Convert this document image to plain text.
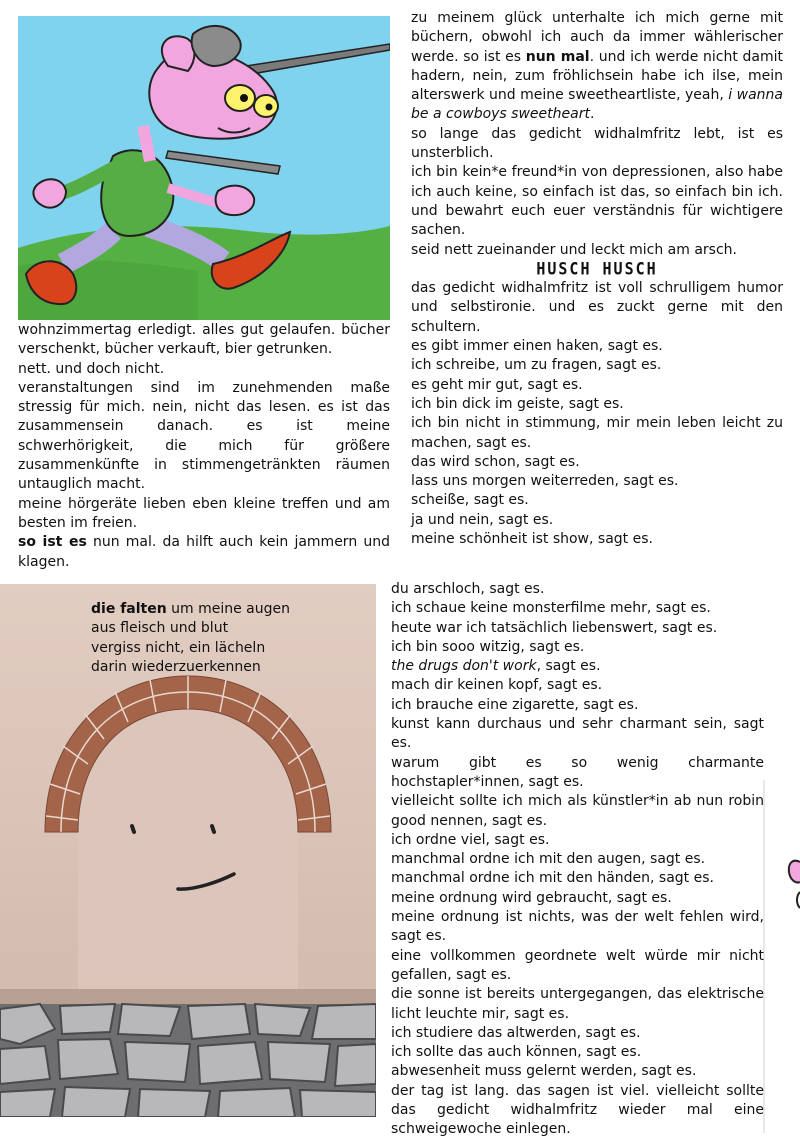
zu meinem glück unterhalte ich mich gerne mit büchern, obwohl ich auch da immer wählerischer werde. so ist es nun mal. und ich werde nicht damit hadern, nein, zum fröhlichsein habe ich ilse, mein alterswerk und meine sweetheartliste, yeah, i wanna be a cowboys sweetheart.

so lange das gedicht widhalmfritz lebt, ist es unsterblich.

ich bin kein*e freund*in von depressionen, also habe ich auch keine, so einfach ist das, so einfach bin ich. und bewahrt euch euer verständnis für wichtigere sachen.

seid nett zueinander und leckt mich am arsch.

HUSCH HUSCH

das gedicht widhalmfritz ist voll schrulligem humor und selbstironie. und es zuckt gerne mit den schultern.

es gibt immer einen haken, sagt es.

ich schreibe, um zu fragen, sagt es.

es geht mir gut, sagt es.

ich bin dick im geiste, sagt es.

ich bin nicht in stimmung, mir mein leben leicht zu machen, sagt es.

das wird schon, sagt es.

lass uns morgen weiterreden, sagt es.

scheiße, sagt es.

ja und nein, sagt es.

meine schönheit ist show, sagt es.

wohnzimmertag erledigt. alles gut gelaufen. bücher verschenkt, bücher verkauft, bier getrunken.

nett. und doch nicht.

veranstaltungen sind im zunehmenden maße stressig für mich. nein, nicht das lesen. es ist das zusammensein danach. es ist meine schwerhörigkeit, die mich für größere zusammenkünfte in stimmengetränkten räumen untauglich macht.

meine hörgeräte lieben eben kleine treffen und am besten im freien.

so ist es nun mal. da hilft auch kein jammern und klagen.

die falten um meine augen

aus fleisch und blut

vergiss nicht, ein lächeln

darin wiederzuerkennen

du arschloch, sagt es.

ich schaue keine monsterfilme mehr, sagt es.

heute war ich tatsächlich liebenswert, sagt es.

ich bin sooo witzig, sagt es.

the drugs don't work, sagt es.

mach dir keinen kopf, sagt es.

ich brauche eine zigarette, sagt es.

kunst kann durchaus und sehr charmant sein, sagt es.

warum gibt es so wenig charmante hochstapler*innen, sagt es.

vielleicht sollte ich mich als künstler*in ab nun robin good nennen, sagt es.

ich ordne viel, sagt es.

manchmal ordne ich mit den augen, sagt es.

manchmal ordne ich mit den händen, sagt es.

meine ordnung wird gebraucht, sagt es.

meine ordnung ist nichts, was der welt fehlen wird, sagt es.

eine vollkommen geordnete welt würde mir nicht gefallen, sagt es.

die sonne ist bereits untergegangen, das elektrische licht leuchte mir, sagt es.

ich studiere das altwerden, sagt es.

ich sollte das auch können, sagt es.

abwesenheit muss gelernt werden, sagt es.

der tag ist lang. das sagen ist viel. vielleicht sollte das gedicht widhalmfritz wieder mal eine schweigewoche einlegen.
